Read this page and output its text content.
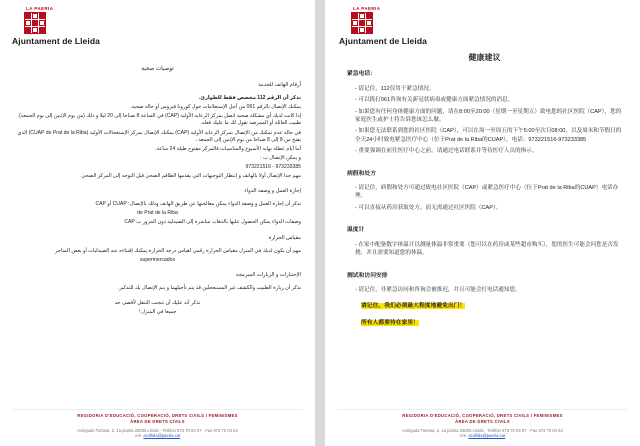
LA PAERIA
Ajuntament de Lleida
توصيات صحية
أرقام الهاتف للخدمة
تذكر أن الرقم 112 مخصص فقط للطوارئ.
يمكنك الإتصال بالرقم 061 من أجل الإستعلامات حول كورونا فيروس أو حالة صحية.
إذا كانت لديك أي مشكلة صحية اتصل بمركز الرعاية الأولية (CAP) في الساعة 8 صباحا إلى 20 ليلا و ذلك (من يوم الإثنين إلى يوم الجمعة). طبيب العائلة أو الممرضة تقول لك ما عليك فعله.
في حالة عدم تمكنك من الإتصال بمركز الرعاية الأولية (CAP) يمكنك الإتصال بمركز الإستعجالات الأولية (CUAP de Prat de la Riba) الذي يفتح من 8 إلى 8 صباحا من يوم الإثنين إلى الجمعة ،
أما أيام عطلة نهاية الأسبوع والمناسبات فالمركز مفتوح طيلة 24 ساعة.
و يمكن الإتصال ب :
973221516 - 973233385
مهم جدا الإتصال أولا بالهاتف و إنتظار التوجيهات التي يقدمها الطاقم الصحي قبل التوجه إلى المركز الصحي
إجازة العمل و وصفة الدواء
تذكر أن إجازة العمل و وصفة الدواء يمكن معالجتها عن طريق الهاتف وذلك بالإتصال: CAP أو CUAP
de Prat de la Riba
وصفات الدواء يمكن الحصول عليها بالذهاب مباشرة إلى الصيدلية دون المرور ب CAP
مقياس الحرارة
مهم أن يكون لديك في المنزل مقياس الحرارة رقمي لقياس درجة الحرارة يمكنك إقتناءه عند الصيدليات أو بعض المتاجر
supermercados
الإختبارات و الزيارات المبرمجة
تذكر أن زيارة الطبيب والكشف غير المستعجلين قد يتم تأجيلهما و يتم الإتصال بك للتذكير.
تذكر أنه عليك أن تتجنب التنقل لأقصى حد
جميعا في المنزل !
REGIDORIA D'EDUCACIÓ, COOPERACIÓ, DRETS CIVILS I FEMINISMES
ÀREA DE DRETS CIVILS
Avinguda Tortosa, 2, 1a planta 25005 Lleida · Telèfon 973 70 04 07 · Fax 973 70 04 64
A/e: acollida@paeria.cat
LA PAERIA
Ajuntament de Lleida
健康建议
紧急电话：
- 请记住，112仅用于紧急情况。
- 可以拨打061咨询有关新冠状病毒或健康方面紧急情况的消息。
- 如果您有任何身体健康方面的问题，请在8:00至20:00（星期一至星期五）致电您的社区医院（CAP），您的家庭医生或护士将告诉您该怎么做。
- 如果您无法联系到您的社区医院（CAP），可以在周一至周五的下午5:00至次日08:00，以及周末和节假日的全天24小时致电紧急医疗中心（位于Prat de la Riba的CUAP）。电话：973221516-973233385
- 重要强调在前往医疗中心之前，请通过电话联系并等待医疗人员的指示。
病假和处方
- 请记住，病假和处方可通过致电社区医院（CAP）或紧急医疗中心（位于Prat de la Riba的CUAP）电话办理。
- 可以直接从药房获取处方，而无需通过社区医院（CAP）。
温度计
- 在家中配备数字体温计以测量体温非常重要（您可以在药房或某些超市购买），您的医生可能会问您是否发烧，并且需要知道您的体温。
测试和访问安排
- 请记住，非紧急访问和咨询会被推迟，并且可能会打电话通知您。
请记住，我们必须最大程度地避免出门！
所有人都要待在家里！
REGIDORIA D'EDUCACIÓ, COOPERACIÓ, DRETS CIVILS I FEMINISMES
ÀREA DE DRETS CIVILS
Avinguda Tortosa, 2, 1a planta 25005 Lleida · Telèfon 973 70 04 07 · Fax 973 70 04 64
A/e: acollida@paeria.cat
